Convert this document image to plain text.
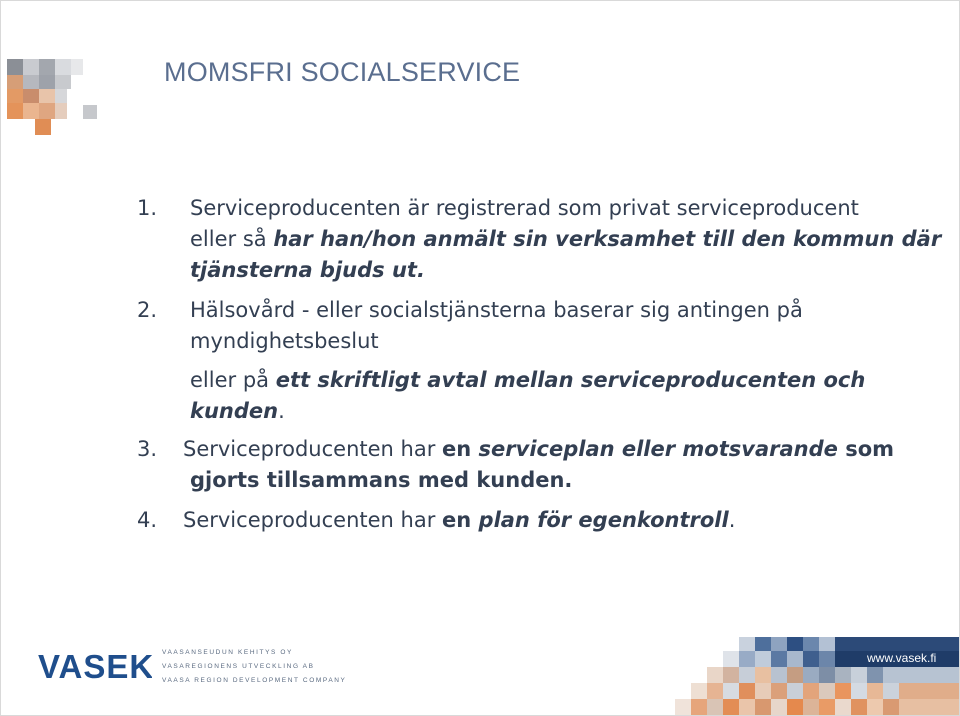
MOMSFRI SOCIALSERVICE
1. Serviceproducenten är registrerad som privat serviceproducent
eller så har han/hon anmält sin verksamhet till den kommun där
tjänsterna bjuds ut.
2. Hälsovård - eller socialstjänsterna baserar sig antingen på
myndighetsbeslut
eller på ett skriftligt avtal mellan serviceproducenten och
kunden.
3. Serviceproducenten har en serviceplan eller motsvarande som
gjorts tillsammans med kunden.
4. Serviceproducenten har en plan för egenkontroll.
VASEK VAASANSEUDUN KEHITYS OY
VASAREGIONENS UTVECKLING AB
VAASA REGION DEVELOPMENT COMPANY
www.vasek.fi
